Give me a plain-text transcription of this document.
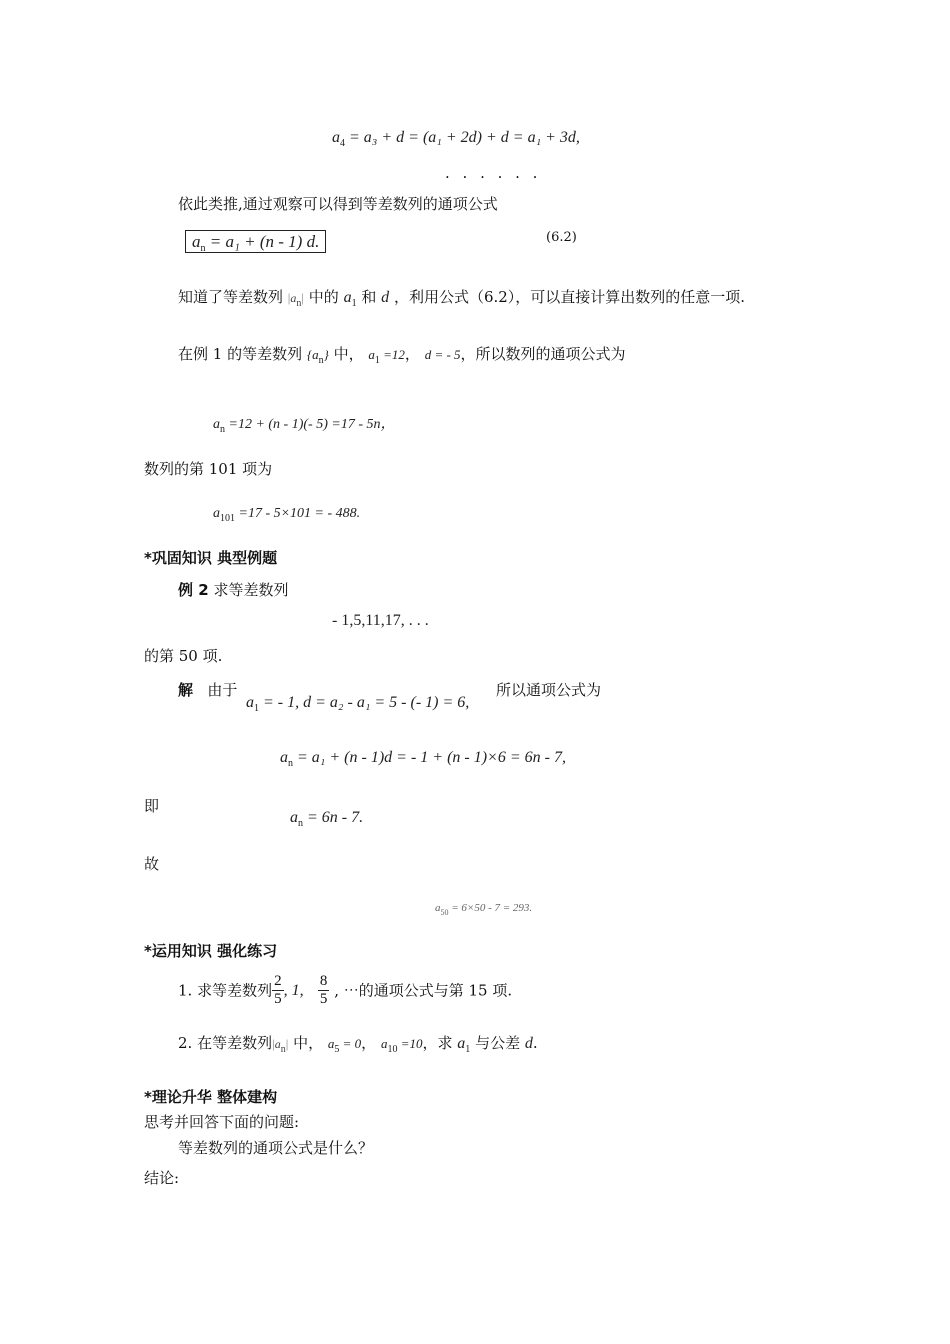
$a_4 = a_3 + d = (a_1 + 2d) + d = a_1 + 3d$,
. . . . . .
依此类推,通过观察可以得到等差数列的通项公式
$a_n = a_1 + (n - 1)$ d.	(6.2)
知道了等差数列 $|a_n|$ 中的 $a_1$ 和 d ，利用公式（6.2），可以直接计算出数列的任意一项.
在例 1 的等差数列 $\{a_n\}$ 中， $a_1 =12$， d = - 5，所以数列的通项公式为
$a_n =12 + (n - 1)(-$ 5) =17 - 5n，
数列的第 101 项为
$a_{101} =17 - 5\times 101$ = - 488.
*巩固知识 典型例题
例 2 求等差数列
- 1,5,11,17, . . .
的第 50 项.
解 由于
$a_1$ = - 1, d = a₂ - a₁ = 5 - (- 1) = 6,
所以通项公式为
$a_n = a_1 + (n - 1)d$ = - 1 + (n - 1)×6 = 6n - 7,
即
$a_n = 6n - 7$.
故
$a_{50} = 6\times 50 - 7 = 293$.
*运用知识 强化练习
1. 求等差数列 $\frac{2}{5}$ , 1, $\frac{8}{5}$ , ⋯的通项公式与第 15 项.
2. 在等差数列$|a_n|$ 中， $a_5 = 0$， $a_{10} =10$，求 $a_1$ 与公差 d.
*理论升华 整体建构
思考并回答下面的问题:
等差数列的通项公式是什么？
结论:
